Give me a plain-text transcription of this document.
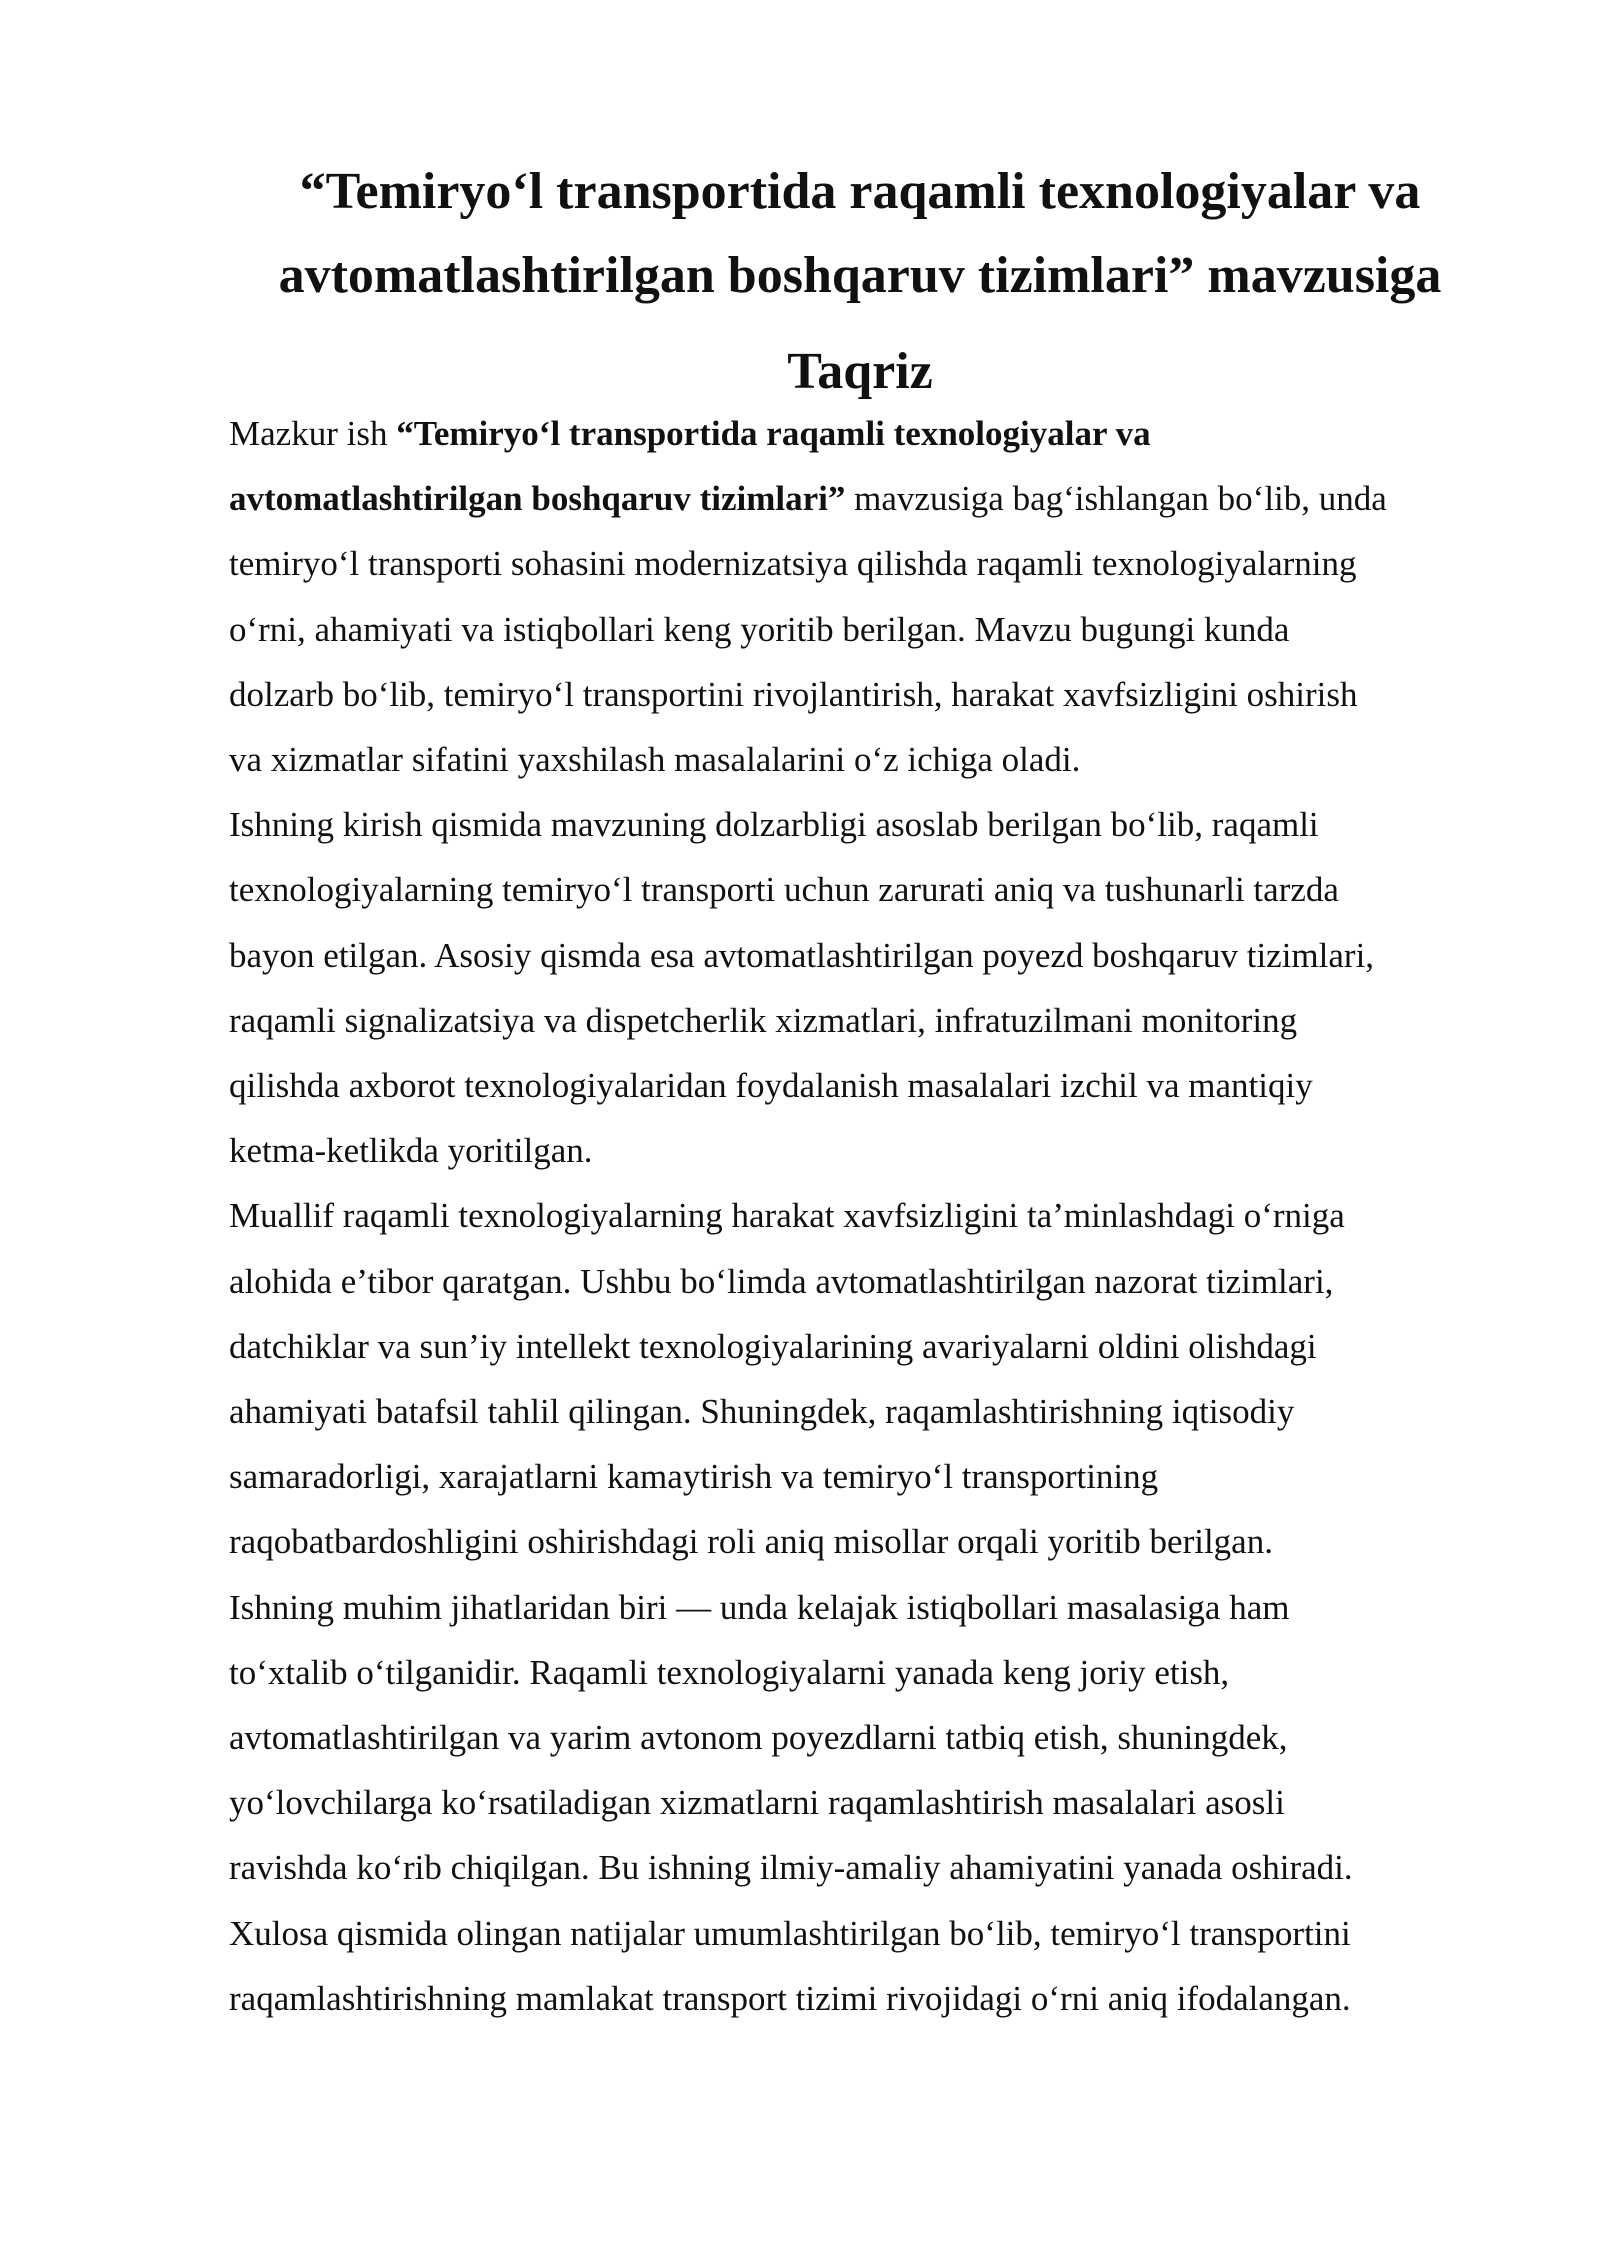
“Temiryo‘l transportida raqamli texnologiyalar va
avtomatlashtirilgan boshqaruv tizimlari” mavzusiga
Taqriz
Mazkur ish “Temiryo‘l transportida raqamli texnologiyalar va
avtomatlashtirilgan boshqaruv tizimlari” mavzusiga bag‘ishlangan bo‘lib, unda
temiryo‘l transporti sohasini modernizatsiya qilishda raqamli texnologiyalarning
o‘rni, ahamiyati va istiqbollari keng yoritib berilgan. Mavzu bugungi kunda
dolzarb bo‘lib, temiryo‘l transportini rivojlantirish, harakat xavfsizligini oshirish
va xizmatlar sifatini yaxshilash masalalarini o‘z ichiga oladi.
Ishning kirish qismida mavzuning dolzarbligi asoslab berilgan bo‘lib, raqamli
texnologiyalarning temiryo‘l transporti uchun zarurati aniq va tushunarli tarzda
bayon etilgan. Asosiy qismda esa avtomatlashtirilgan poyezd boshqaruv tizimlari,
raqamli signalizatsiya va dispetcherlik xizmatlari, infratuzilmani monitoring
qilishda axborot texnologiyalaridan foydalanish masalalari izchil va mantiqiy
ketma-ketlikda yoritilgan.
Muallif raqamli texnologiyalarning harakat xavfsizligini ta’minlashdagi o‘rniga
alohida e’tibor qaratgan. Ushbu bo‘limda avtomatlashtirilgan nazorat tizimlari,
datchiklar va sun’iy intellekt texnologiyalarining avariyalarni oldini olishdagi
ahamiyati batafsil tahlil qilingan. Shuningdek, raqamlashtirishning iqtisodiy
samaradorligi, xarajatlarni kamaytirish va temiryo‘l transportining
raqobatbardoshligini oshirishdagi roli aniq misollar orqali yoritib berilgan.
Ishning muhim jihatlaridan biri — unda kelajak istiqbollari masalasiga ham
to‘xtalib o‘tilganidir. Raqamli texnologiyalarni yanada keng joriy etish,
avtomatlashtirilgan va yarim avtonom poyezdlarni tatbiq etish, shuningdek,
yo‘lovchilarga ko‘rsatiladigan xizmatlarni raqamlashtirish masalalari asosli
ravishda ko‘rib chiqilgan. Bu ishning ilmiy-amaliy ahamiyatini yanada oshiradi.
Xulosa qismida olingan natijalar umumlashtirilgan bo‘lib, temiryo‘l transportini
raqamlashtirishning mamlakat transport tizimi rivojidagi o‘rni aniq ifodalangan.
